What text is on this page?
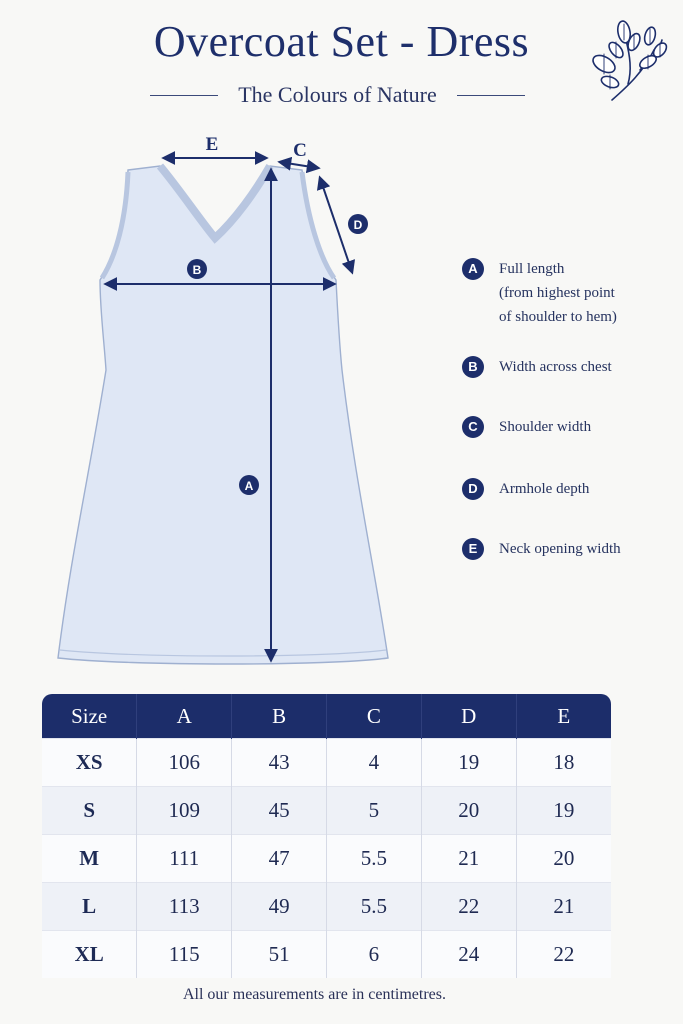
Overcoat Set - Dress
The Colours of Nature
E	C
D
B
A
A	Full length
(from highest point
of shoulder to hem)
B	Width across chest
C	Shoulder width
D	Armhole depth
E	Neck opening width
Size	A	B	C	D	E
XS	106	43	4	19	18
S	109	45	5	20	19
M	111	47	5.5	21	20
L	113	49	5.5	22	21
XL	115	51	6	24	22
All our measurements are in centimetres.
